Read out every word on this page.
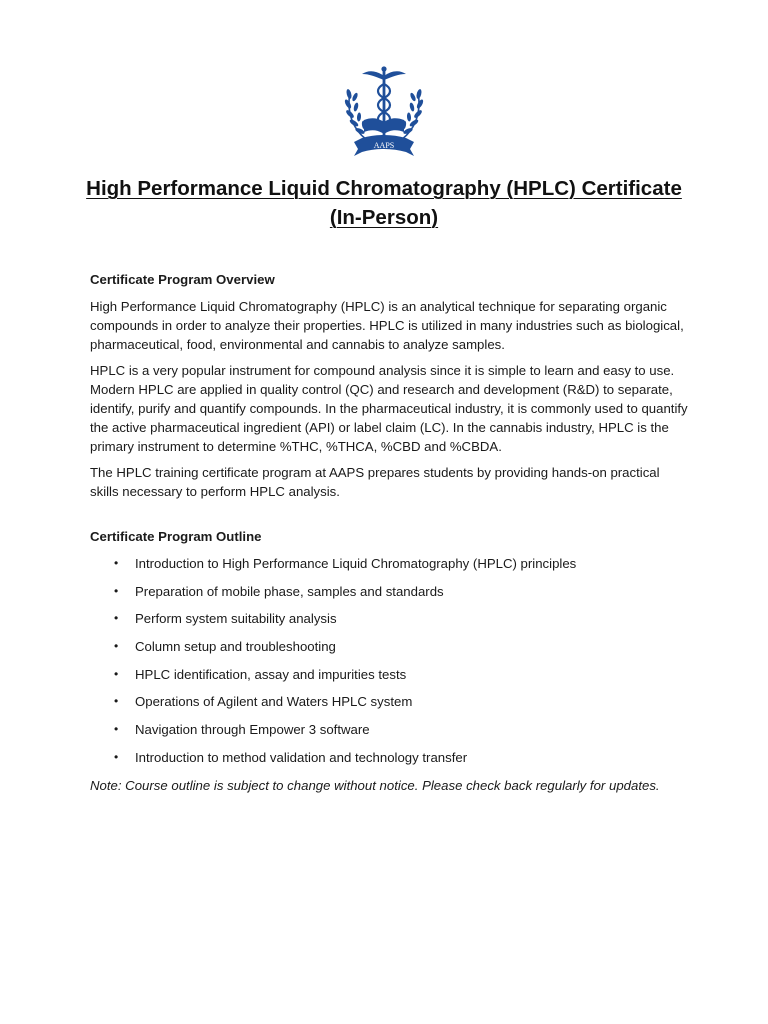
AAPS
High Performance Liquid Chromatography (HPLC) Certificate
(In-Person)
Certificate Program Overview

High Performance Liquid Chromatography (HPLC) is an analytical technique for separating organic compounds in order to analyze their properties. HPLC is utilized in many industries such as biological, pharmaceutical, food, environmental and cannabis to analyze samples.

HPLC is a very popular instrument for compound analysis since it is simple to learn and easy to use. Modern HPLC are applied in quality control (QC) and research and development (R&D) to separate, identify, purify and quantify compounds. In the pharmaceutical industry, it is commonly used to quantify the active pharmaceutical ingredient (API) or label claim (LC). In the cannabis industry, HPLC is the primary instrument to determine %THC, %THCA, %CBD and %CBDA.

The HPLC training certificate program at AAPS prepares students by providing hands-on practical skills necessary to perform HPLC analysis.

Certificate Program Outline
• Introduction to High Performance Liquid Chromatography (HPLC) principles
• Preparation of mobile phase, samples and standards
• Perform system suitability analysis
• Column setup and troubleshooting
• HPLC identification, assay and impurities tests
• Operations of Agilent and Waters HPLC system
• Navigation through Empower 3 software
• Introduction to method validation and technology transfer
Note: Course outline is subject to change without notice. Please check back regularly for updates.
